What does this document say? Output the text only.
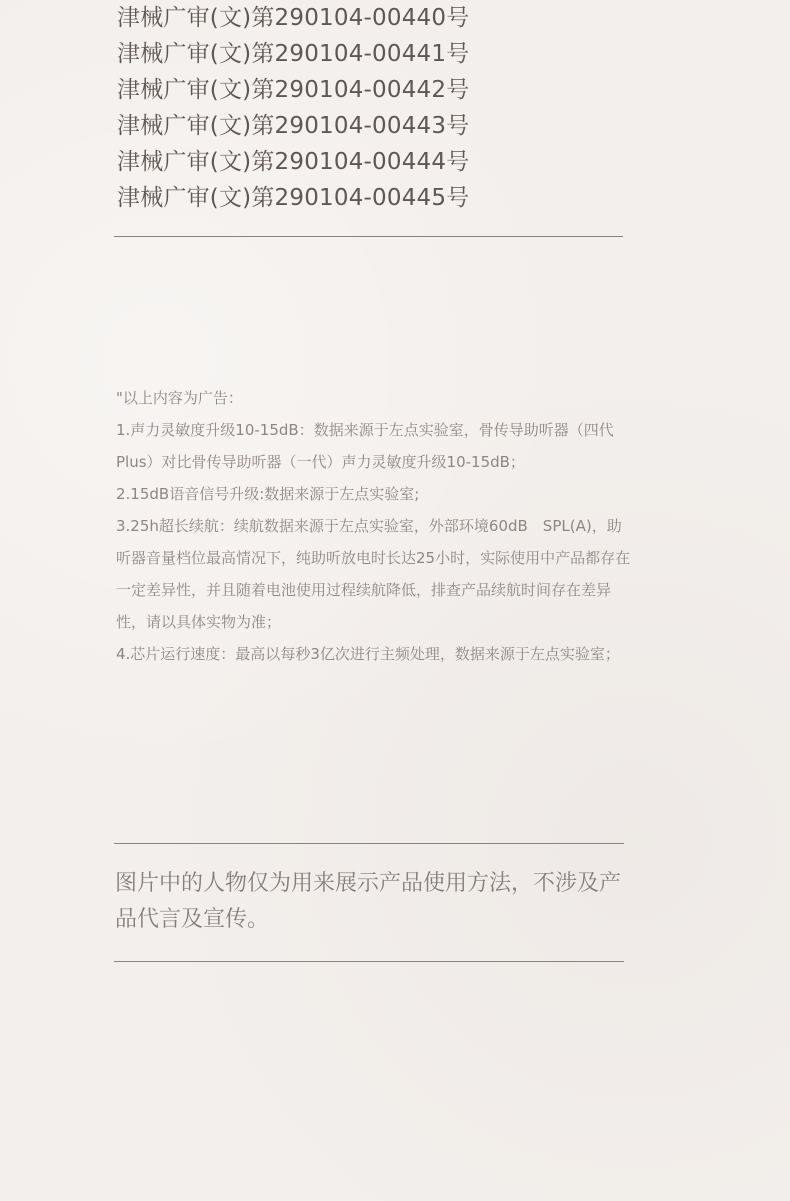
津械广审(文)第290104-00440号
津械广审(文)第290104-00441号
津械广审(文)第290104-00442号
津械广审(文)第290104-00443号
津械广审(文)第290104-00444号
津械广审(文)第290104-00445号

"以上内容为广告：

1.声力灵敏度升级10-15dB：数据来源于左点实验室，骨传导助听器（四代Plus）对比骨传导助听器（一代）声力灵敏度升级10-15dB；

2.15dB语音信号升级:数据来源于左点实验室;

3.25h超长续航：续航数据来源于左点实验室，外部环境60dB　SPL(A)，助听器音量档位最高情况下，纯助听放电时长达25小时，实际使用中产品都存在一定差异性，并且随着电池使用过程续航降低，排查产品续航时间存在差异性，请以具体实物为准；

4.芯片运行速度：最高以每秒3亿次进行主频处理，数据来源于左点实验室；

图片中的人物仅为用来展示产品使用方法，不涉及产品代言及宣传。
